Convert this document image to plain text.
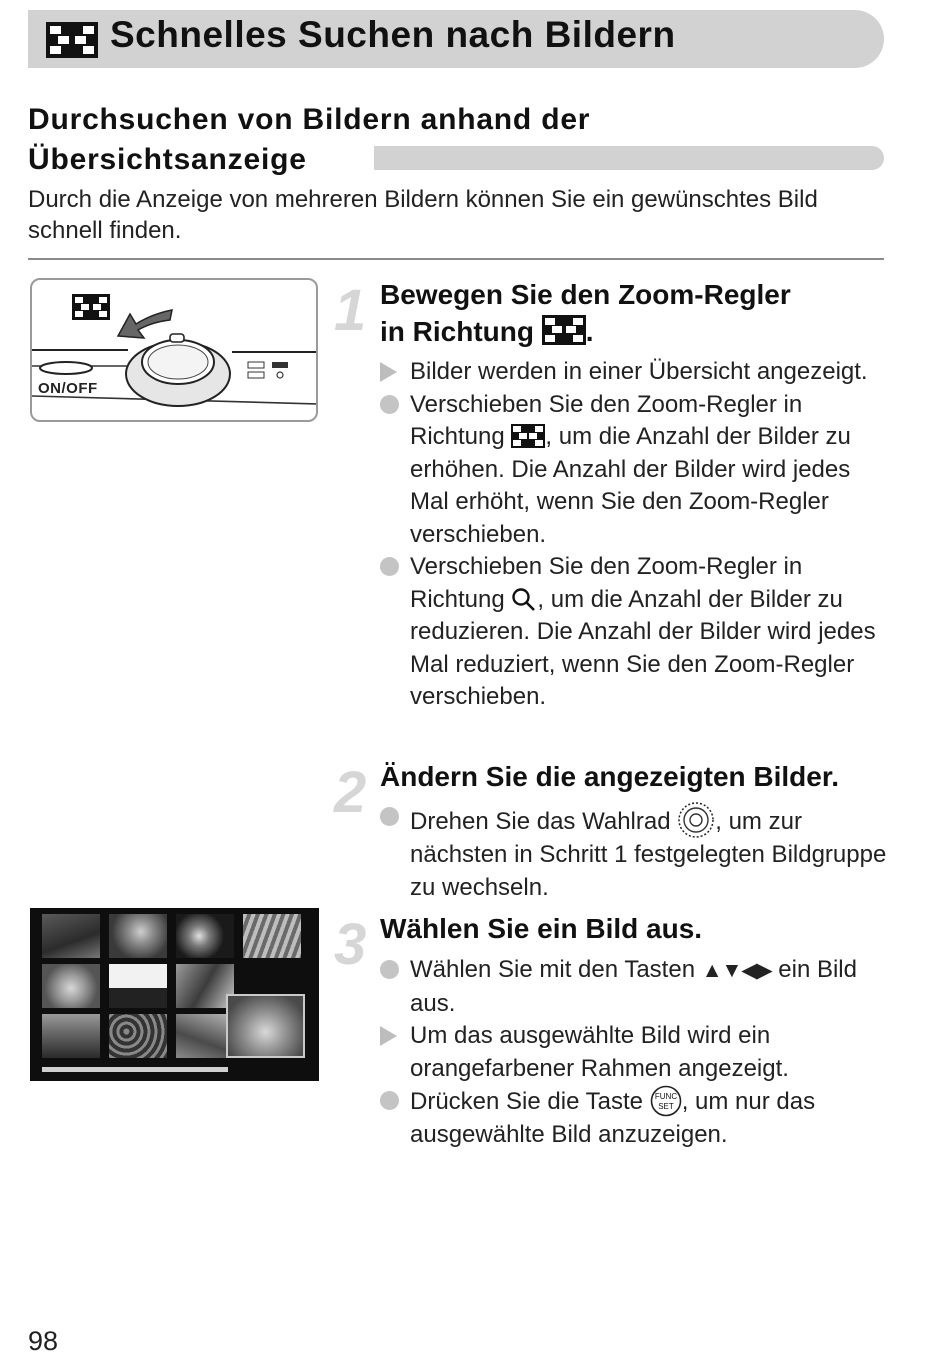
Schnelles Suchen nach Bildern
Durchsuchen von Bildern anhand der
Übersichtsanzeige
Durch die Anzeige von mehreren Bildern können Sie ein gewünschtes Bild schnell finden.
ON/OFF
1 Bewegen Sie den Zoom-Regler
in Richtung .
Bilder werden in einer Übersicht angezeigt.
Verschieben Sie den Zoom-Regler in Richtung , um die Anzahl der Bilder zu erhöhen. Die Anzahl der Bilder wird jedes Mal erhöht, wenn Sie den Zoom-Regler verschieben.
Verschieben Sie den Zoom-Regler in Richtung , um die Anzahl der Bilder zu reduzieren. Die Anzahl der Bilder wird jedes Mal reduziert, wenn Sie den Zoom-Regler verschieben.
2 Ändern Sie die angezeigten Bilder.
Drehen Sie das Wahlrad , um zur nächsten in Schritt 1 festgelegten Bildgruppe zu wechseln.
3 Wählen Sie ein Bild aus.
Wählen Sie mit den Tasten ▲▼◀▶ ein Bild aus.
Um das ausgewählte Bild wird ein orangefarbener Rahmen angezeigt.
Drücken Sie die Taste FUNC
SET , um nur das ausgewählte Bild anzuzeigen.
98
